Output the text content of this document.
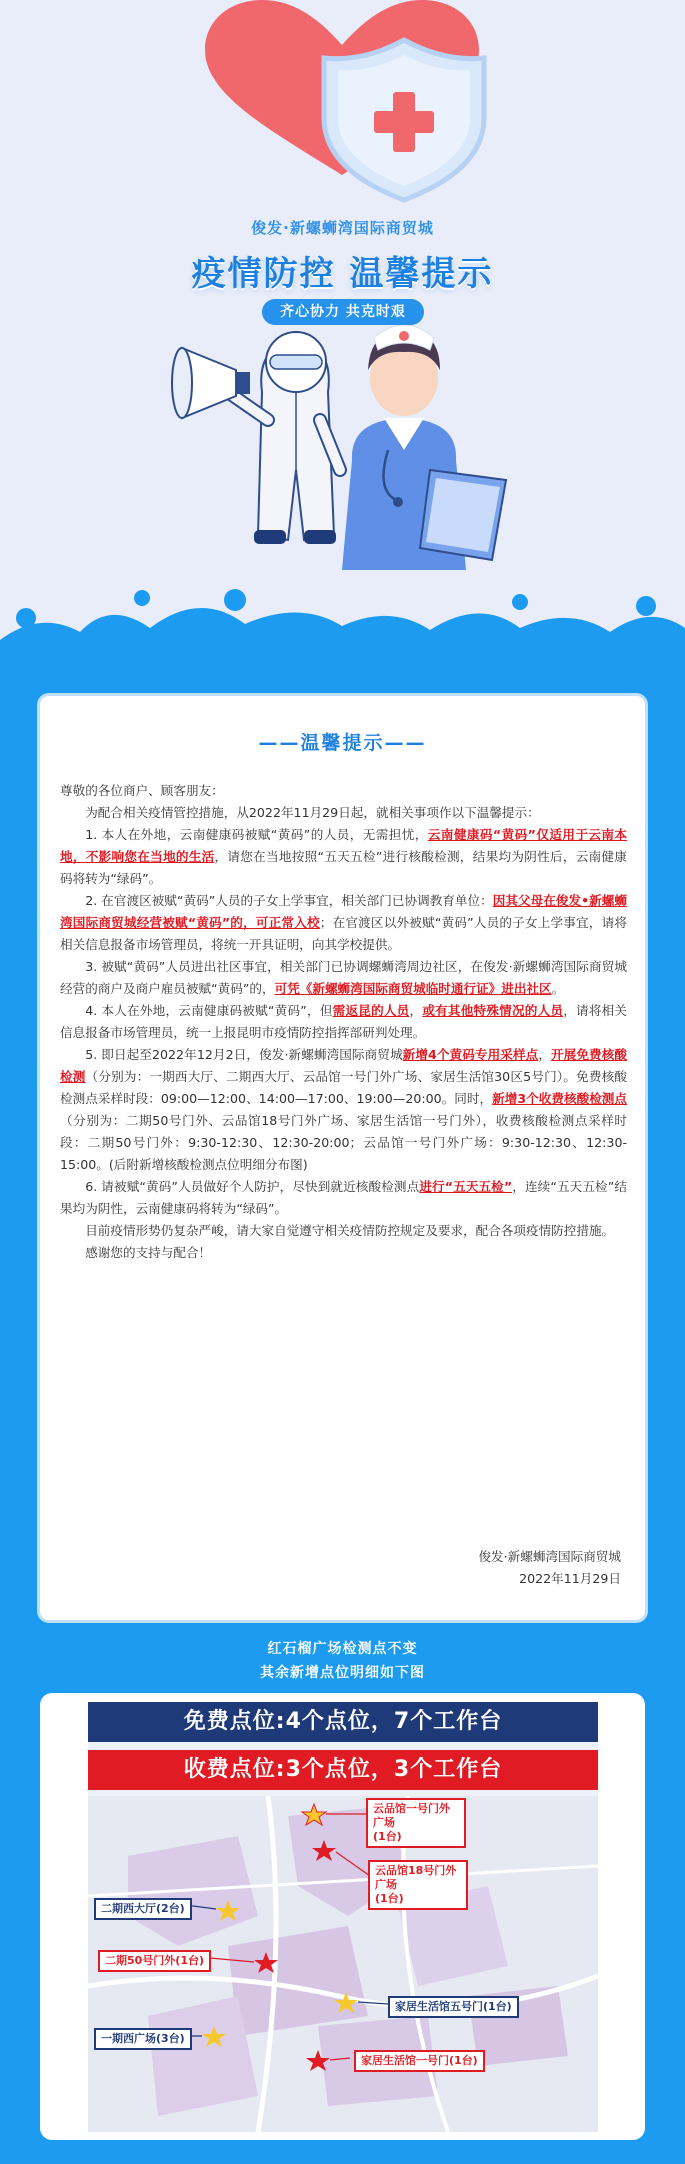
俊发·新螺蛳湾国际商贸城
疫情防控 温馨提示
齐心协力 共克时艰
——温馨提示——

尊敬的各位商户、顾客朋友：

为配合相关疫情管控措施，从2022年11月29日起，就相关事项作以下温馨提示：

1. 本人在外地，云南健康码被赋“黄码”的人员，无需担忧，云南健康码“黄码”仅适用于云南本地，不影响您在当地的生活，请您在当地按照“五天五检”进行核酸检测，结果均为阴性后，云南健康码将转为“绿码”。

2. 在官渡区被赋“黄码”人员的子女上学事宜，相关部门已协调教育单位：因其父母在俊发•新螺蛳湾国际商贸城经营被赋“黄码”的，可正常入校；在官渡区以外被赋“黄码”人员的子女上学事宜，请将相关信息报备市场管理员，将统一开具证明，向其学校提供。

3. 被赋“黄码”人员进出社区事宜，相关部门已协调螺蛳湾周边社区，在俊发·新螺蛳湾国际商贸城经营的商户及商户雇员被赋“黄码”的，可凭《新螺蛳湾国际商贸城临时通行证》进出社区。

4. 本人在外地，云南健康码被赋“黄码”，但需返昆的人员，或有其他特殊情况的人员，请将相关信息报备市场管理员，统一上报昆明市疫情防控指挥部研判处理。

5. 即日起至2022年12月2日，俊发·新螺蛳湾国际商贸城新增4个黄码专用采样点，开展免费核酸检测（分别为：一期西大厅、二期西大厅、云品馆一号门外广场、家居生活馆30区5号门）。免费核酸检测点采样时段：09:00—12:00、14:00—17:00、19:00—20:00。同时，新增3个收费核酸检测点（分别为：二期50号门外、云品馆18号门外广场、家居生活馆一号门外），收费核酸检测点采样时段：二期50号门外：9:30-12:30、12:30-20:00；云品馆一号门外广场：9:30-12:30、12:30-15:00。(后附新增核酸检测点位明细分布图)

6. 请被赋“黄码”人员做好个人防护，尽快到就近核酸检测点进行“五天五检”，连续“五天五检”结果均为阴性，云南健康码将转为“绿码”。

目前疫情形势仍复杂严峻，请大家自觉遵守相关疫情防控规定及要求，配合各项疫情防控措施。

感谢您的支持与配合！

俊发·新螺蛳湾国际商贸城
2022年11月29日
红石榴广场检测点不变
其余新增点位明细如下图
免费点位:4个点位，7个工作台
收费点位:3个点位，3个工作台
云品馆一号门外广场
(1台)
云品馆18号门外广场
(1台)
二期西大厅(2台)
二期50号门外(1台)
家居生活馆五号门(1台)
一期西广场(3台)
家居生活馆一号门(1台)
